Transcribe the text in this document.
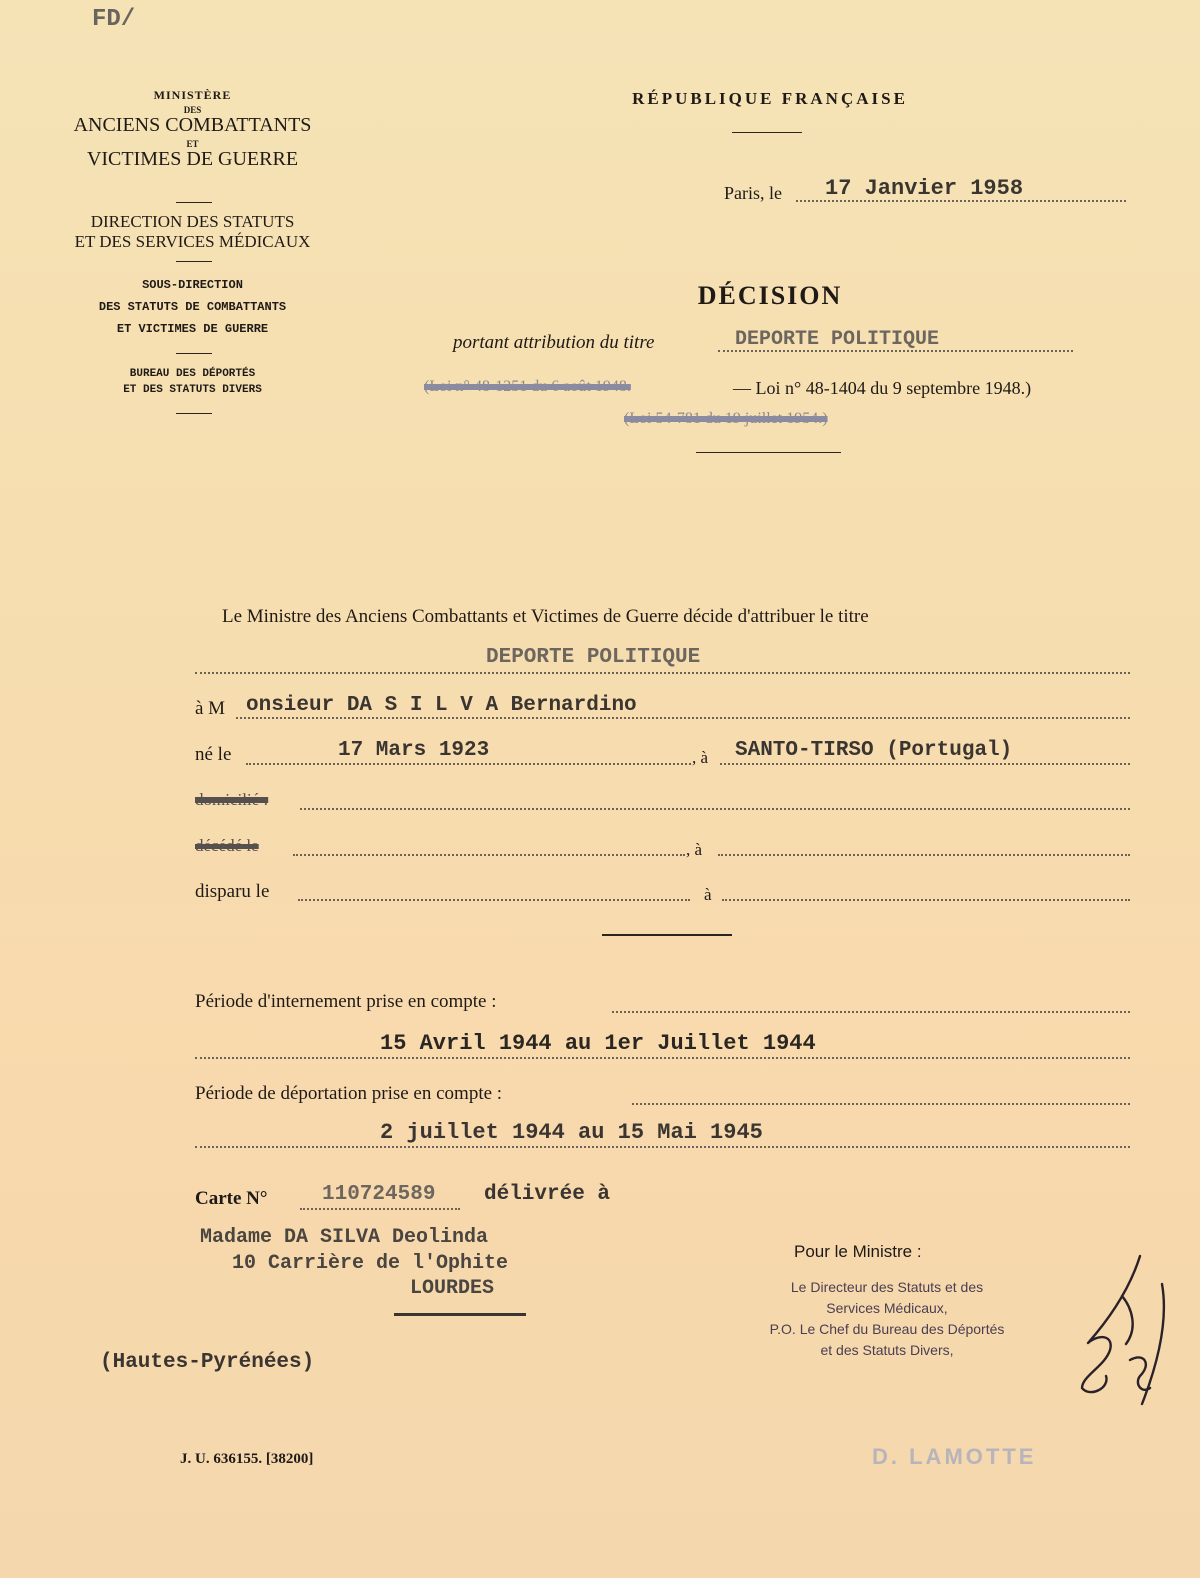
FD/
MINISTÈRE
DES
ANCIENS COMBATTANTS
ET
VICTIMES DE GUERRE
DIRECTION DES STATUTS
ET DES SERVICES MÉDICAUX
SOUS-DIRECTION
DES STATUTS DE COMBATTANTS
ET VICTIMES DE GUERRE
BUREAU DES DÉPORTÉS
ET DES STATUTS DIVERS
RÉPUBLIQUE FRANÇAISE
Paris, le 17 Janvier 1958
DÉCISION
portant attribution du titre	DEPORTE POLITIQUE
(Loi n° 48-1251 du 6 août 1948.	— Loi n° 48-1404 du 9 septembre 1948.)
(Loi 54-781 du 19 juillet 1954.)
Le Ministre des Anciens Combattants et Victimes de Guerre décide d'attribuer le titre
DEPORTE POLITIQUE
à M onsieur DA S I L V A Bernardino
né le	17 Mars 1923	, à SANTO-TIRSO (Portugal)
domicilié :
décédé le	, à
disparu le	à
Période d'internement prise en compte :
15 Avril 1944 au 1er Juillet 1944
Période de déportation prise en compte :
2 juillet 1944 au 15 Mai 1945
Carte N°	110724589 délivrée à
Madame DA SILVA Deolinda
10 Carrière de l'Ophite
LOURDES
(Hautes-Pyrénées)
Pour le Ministre :
Le Directeur des Statuts et des
Services Médicaux,
P.O. Le Chef du Bureau des Déportés
et des Statuts Divers,
D. LAMOTTE
J. U. 636155. [38200]
